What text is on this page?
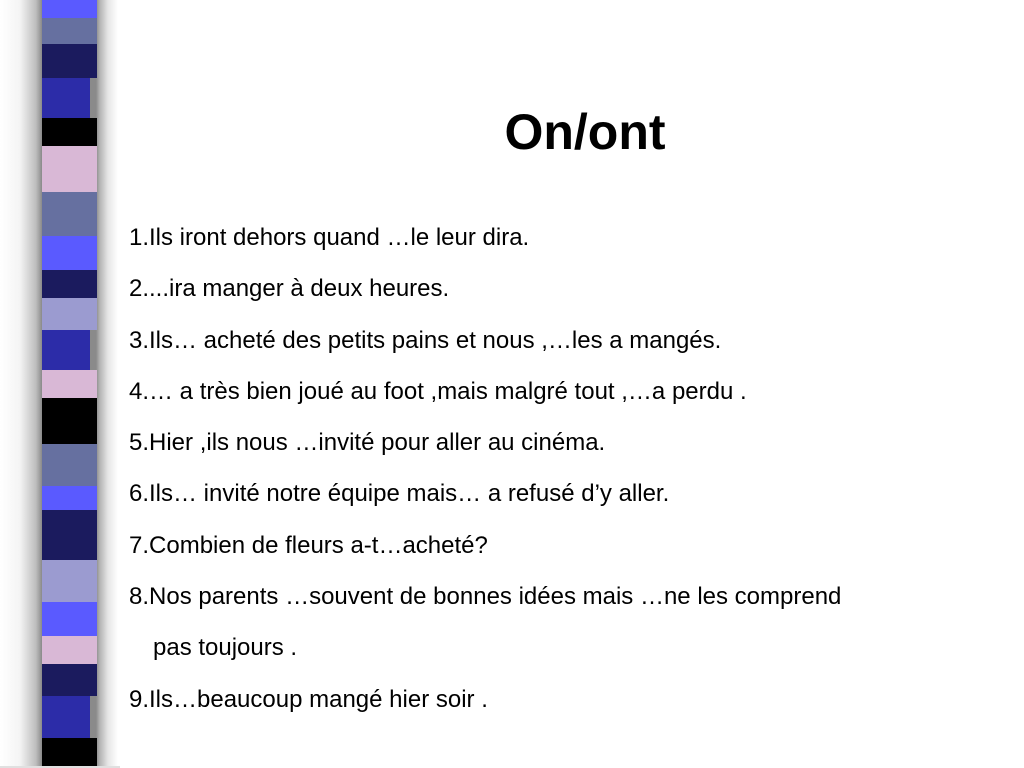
On/ont
1.Ils iront dehors quand …le leur dira.
2....ira manger à deux heures.
3.Ils… acheté des petits pains et nous ,…les a mangés.
4.… a très bien joué au foot ,mais malgré tout ,…a perdu .
5.Hier ,ils nous …invité pour aller au cinéma.
6.Ils… invité notre équipe mais… a refusé d’y aller.
7.Combien de fleurs a-t…acheté?
8.Nos parents …souvent de bonnes idées mais …ne les comprend
pas toujours .
9.Ils…beaucoup mangé hier soir .
